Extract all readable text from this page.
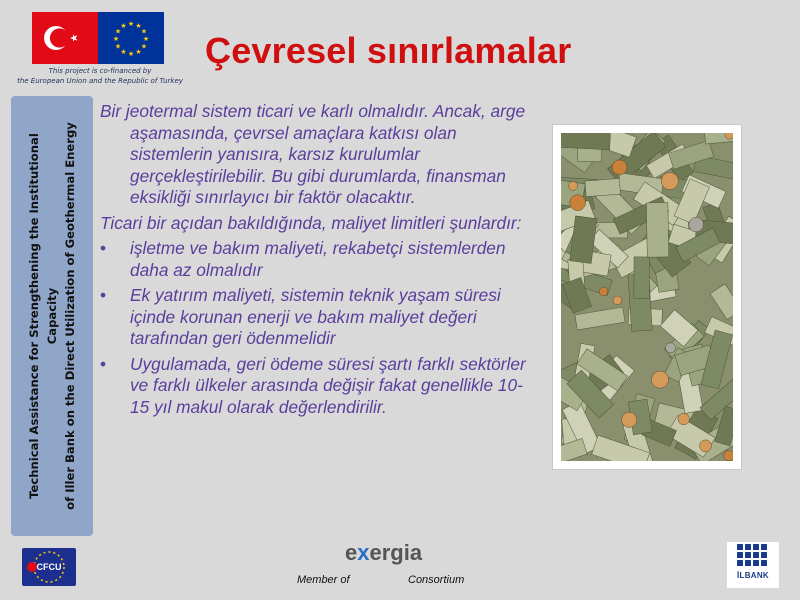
★ ★
★
★
★
★
★
★
★
★
★
★
This project is co-financed by
the European Union and the Republic of Turkey
Çevresel sınırlamalar
Technical Assistance for Strengthening the Institutional Capacity of Iller Bank on the Direct Utilization of Geothermal Energy

Bir jeotermal sistem ticari ve karlı olmalıdır. Ancak, arge aşamasında, çevrsel amaçlara katkısı olan sistemlerin yanısıra, karsız kurulumlar gerçekleştirilebilir. Bu gibi durumlarda, finansman eksikliği sınırlayıcı bir faktör olacaktır.

Ticari bir açıdan bakıldığında, maliyet limitleri şunlardır:

• işletme ve bakım maliyeti, rekabetçi sistemlerden daha az olmalıdır
• Ek yatırım maliyeti, sistemin teknik yaşam süresi içinde korunan enerji ve bakım maliyet değeri tarafından geri ödenmelidir
• Uygulamada, geri ödeme süresi şartı farklı sektörler ve farklı ülkeler arasında değişir fakat genellikle 10-15 yıl makul olarak değerlendirilir.
CFCU
exergia
Member of	Consortium	İLBANK
